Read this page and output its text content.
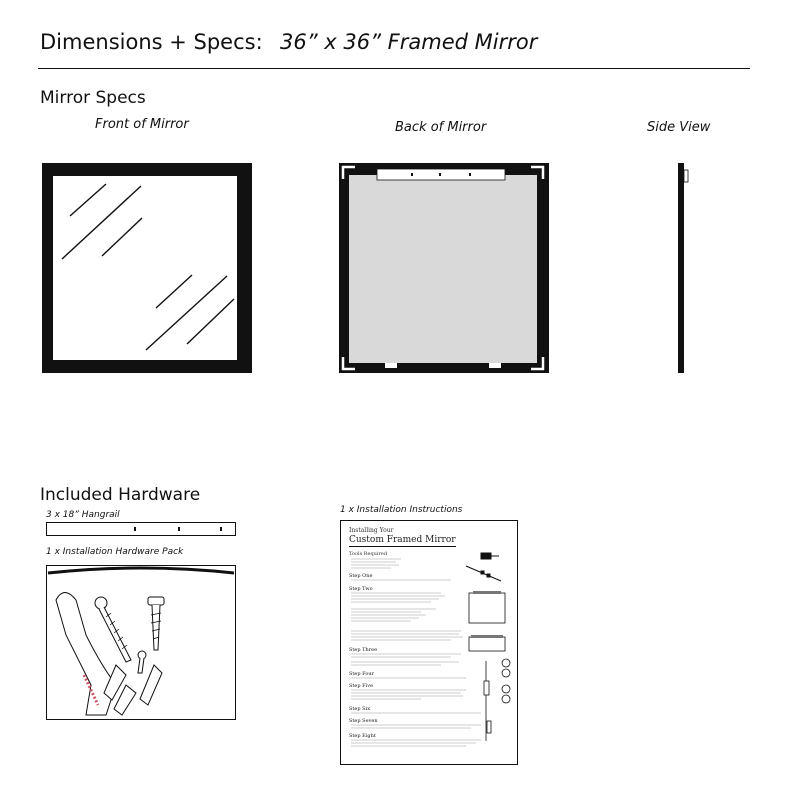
Dimensions + Specs: 36” x 36” Framed Mirror
Mirror Specs
Front of Mirror	Back of Mirror	Side View
Included Hardware
3 x 18” Hangrail
1 x Installation Hardware Pack
1 x Installation Instructions
Installing Your
Custom Framed Mirror
Tools Required
Step One
Step Two
Step Three
Step Four
Step Five
Step Six
Step Seven
Step Eight
